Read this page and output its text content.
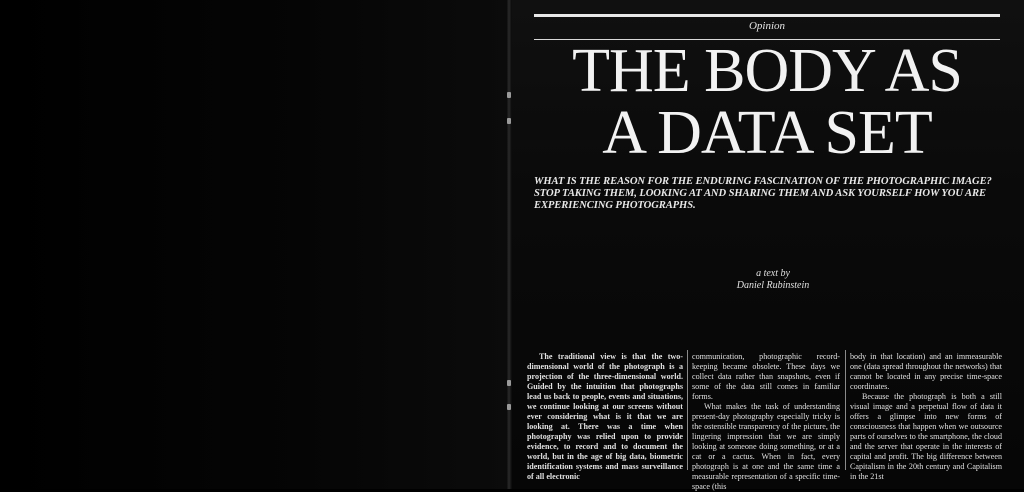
Opinion
THE BODY AS
A DATA SET
WHAT IS THE REASON FOR THE ENDURING FASCINATION OF THE PHOTOGRAPHIC IMAGE? STOP TAKING THEM, LOOKING AT AND SHARING THEM AND ASK YOURSELF HOW YOU ARE EXPERIENCING PHOTOGRAPHS.
a text by
Daniel Rubinstein

The traditional view is that the two-dimensional world of the photograph is a projection of the three-dimensional world. Guided by the intuition that photographs lead us back to people, events and situations, we continue looking at our screens without ever considering what is it that we are looking at. There was a time when photography was relied upon to provide evidence, to record and to document the world, but in the age of big data, biometric identification systems and mass surveillance of all electronic

communication, photographic record-keeping became obsolete. These days we collect data rather than snapshots, even if some of the data still comes in familiar forms.

What makes the task of understanding present-day photography especially tricky is the ostensible transparency of the picture, the lingering impression that we are simply looking at someone doing something, or at a cat or a cactus. When in fact, every photograph is at one and the same time a measurable representation of a specific time-space (this

body in that location) and an immeasurable one (data spread throughout the networks) that cannot be located in any precise time-space coordinates.

Because the photograph is both a still visual image and a perpetual flow of data it offers a glimpse into new forms of consciousness that happen when we outsource parts of ourselves to the smartphone, the cloud and the server that operate in the interests of capital and profit. The big difference between Capitalism in the 20th century and Capitalism in the 21st
